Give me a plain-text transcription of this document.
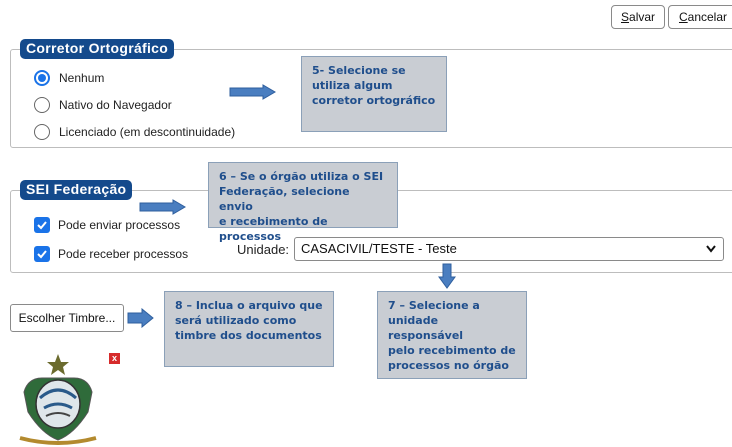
Salvar	Cancelar
Corretor Ortográfico
Nenhum
Nativo do Navegador
Licenciado (em descontinuidade)
5- Selecione se
utiliza algum
corretor ortográfico
SEI Federação
Pode enviar processos
Pode receber processos
6 – Se o órgão utiliza o SEI
Federação, selecione envio
e recebimento de processos
Unidade: CASACIVIL/TESTE - Teste
7 – Selecione a
unidade responsável
pelo recebimento de
processos no órgão
Escolher Timbre...
8 – Inclua o arquivo que
será utilizado como
timbre dos documentos
x
